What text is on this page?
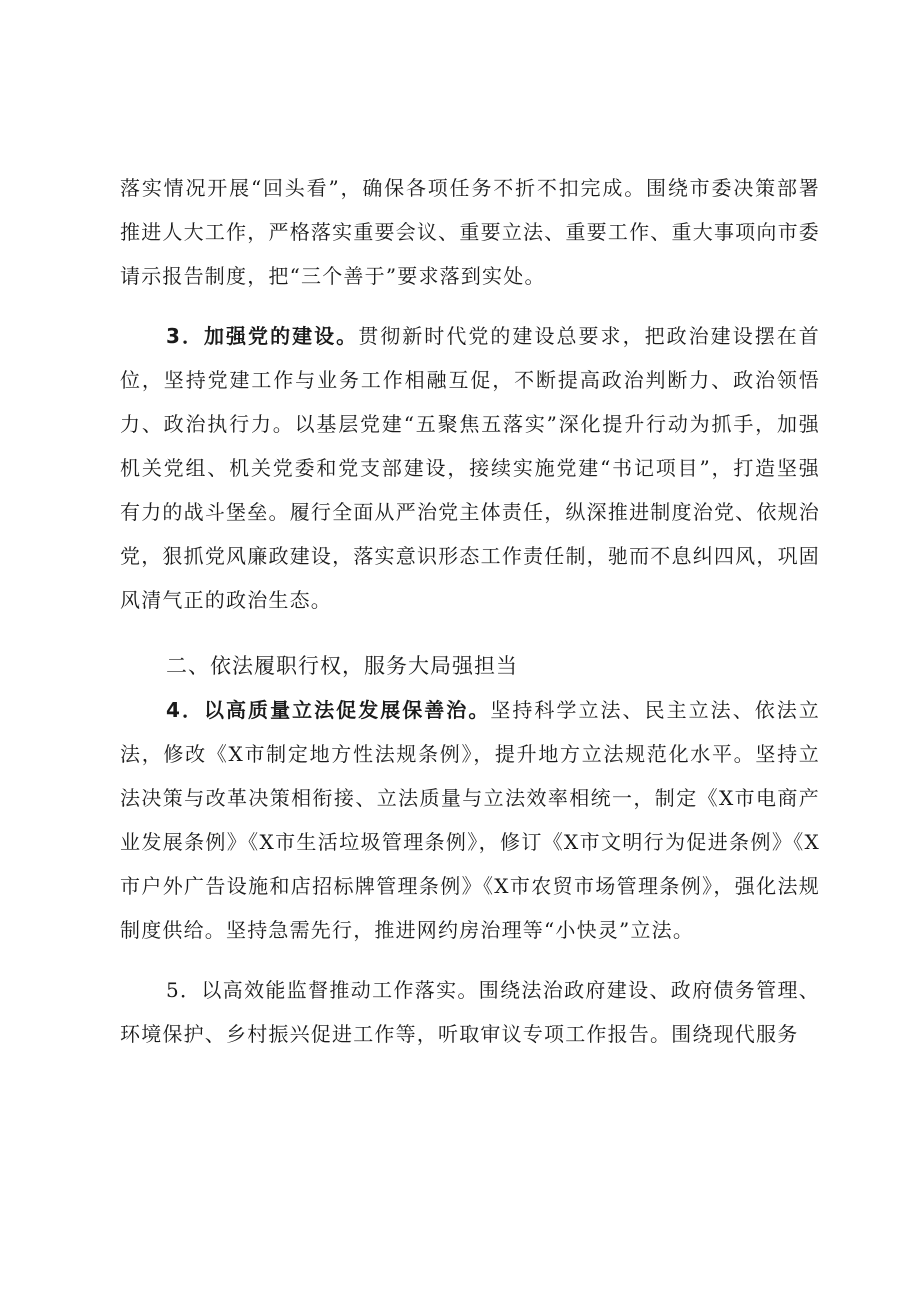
落实情况开展“回头看”，确保各项任务不折不扣完成。围绕市委决策部署推进人大工作，严格落实重要会议、重要立法、重要工作、重大事项向市委请示报告制度，把“三个善于”要求落到实处。

3．加强党的建设。贯彻新时代党的建设总要求，把政治建设摆在首位，坚持党建工作与业务工作相融互促，不断提高政治判断力、政治领悟力、政治执行力。以基层党建“五聚焦五落实”深化提升行动为抓手，加强机关党组、机关党委和党支部建设，接续实施党建“书记项目”，打造坚强有力的战斗堡垒。履行全面从严治党主体责任，纵深推进制度治党、依规治党，狠抓党风廉政建设，落实意识形态工作责任制，驰而不息纠四风，巩固风清气正的政治生态。

二、依法履职行权，服务大局强担当

4．以高质量立法促发展保善治。坚持科学立法、民主立法、依法立法，修改《X市制定地方性法规条例》，提升地方立法规范化水平。坚持立法决策与改革决策相衔接、立法质量与立法效率相统一，制定《X市电商产业发展条例》《X市生活垃圾管理条例》，修订《X市文明行为促进条例》《X市户外广告设施和店招标牌管理条例》《X市农贸市场管理条例》，强化法规制度供给。坚持急需先行，推进网约房治理等“小快灵”立法。

5．以高效能监督推动工作落实。围绕法治政府建设、政府债务管理、环境保护、乡村振兴促进工作等，听取审议专项工作报告。围绕现代服务
